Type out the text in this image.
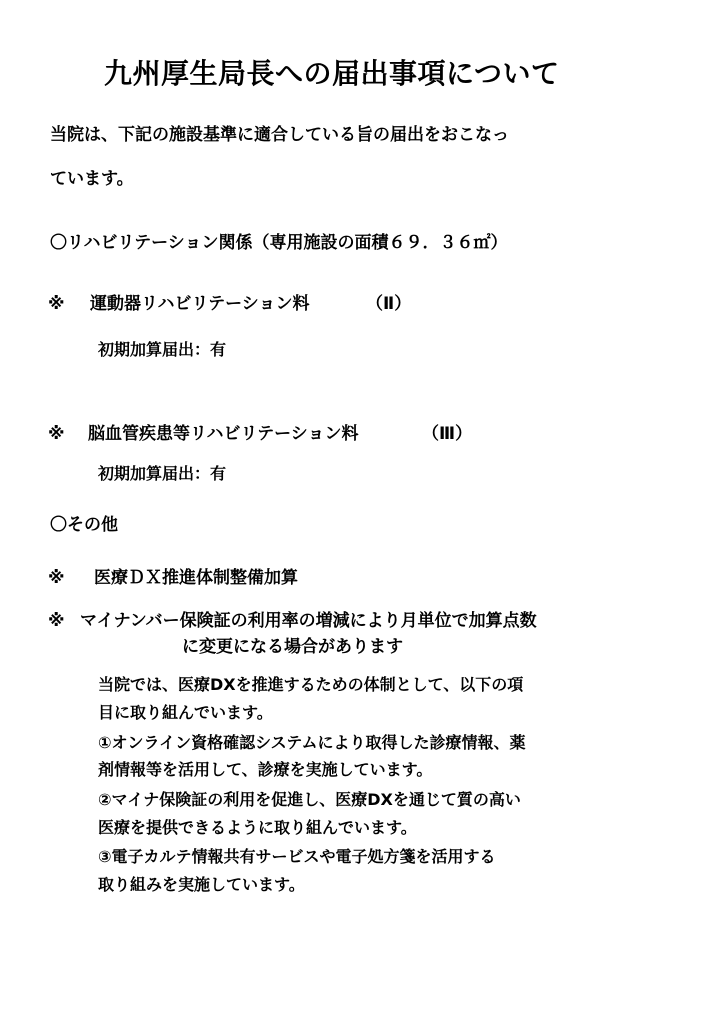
九州厚生局長への届出事項について

当院は、下記の施設基準に適合している旨の届出をおこなっ

ています。

〇リハビリテーション関係（専用施設の面積６９．３６㎡）
※ 運動器リハビリテーション料	（Ⅱ）
初期加算届出：有
※ 脳血管疾患等リハビリテーション料	（Ⅲ）
初期加算届出：有
〇その他
※ 医療ＤＸ推進体制整備加算
※ マイナンバー保険証の利用率の増減により月単位で加算点数
に変更になる場合があります
当院では、医療DXを推進するための体制として、以下の項
目に取り組んでいます。
①オンライン資格確認システムにより取得した診療情報、薬
剤情報等を活用して、診療を実施しています。
②マイナ保険証の利用を促進し、医療DXを通じて質の高い
医療を提供できるように取り組んでいます。
③電子カルテ情報共有サービスや電子処方箋を活用する
取り組みを実施しています。
